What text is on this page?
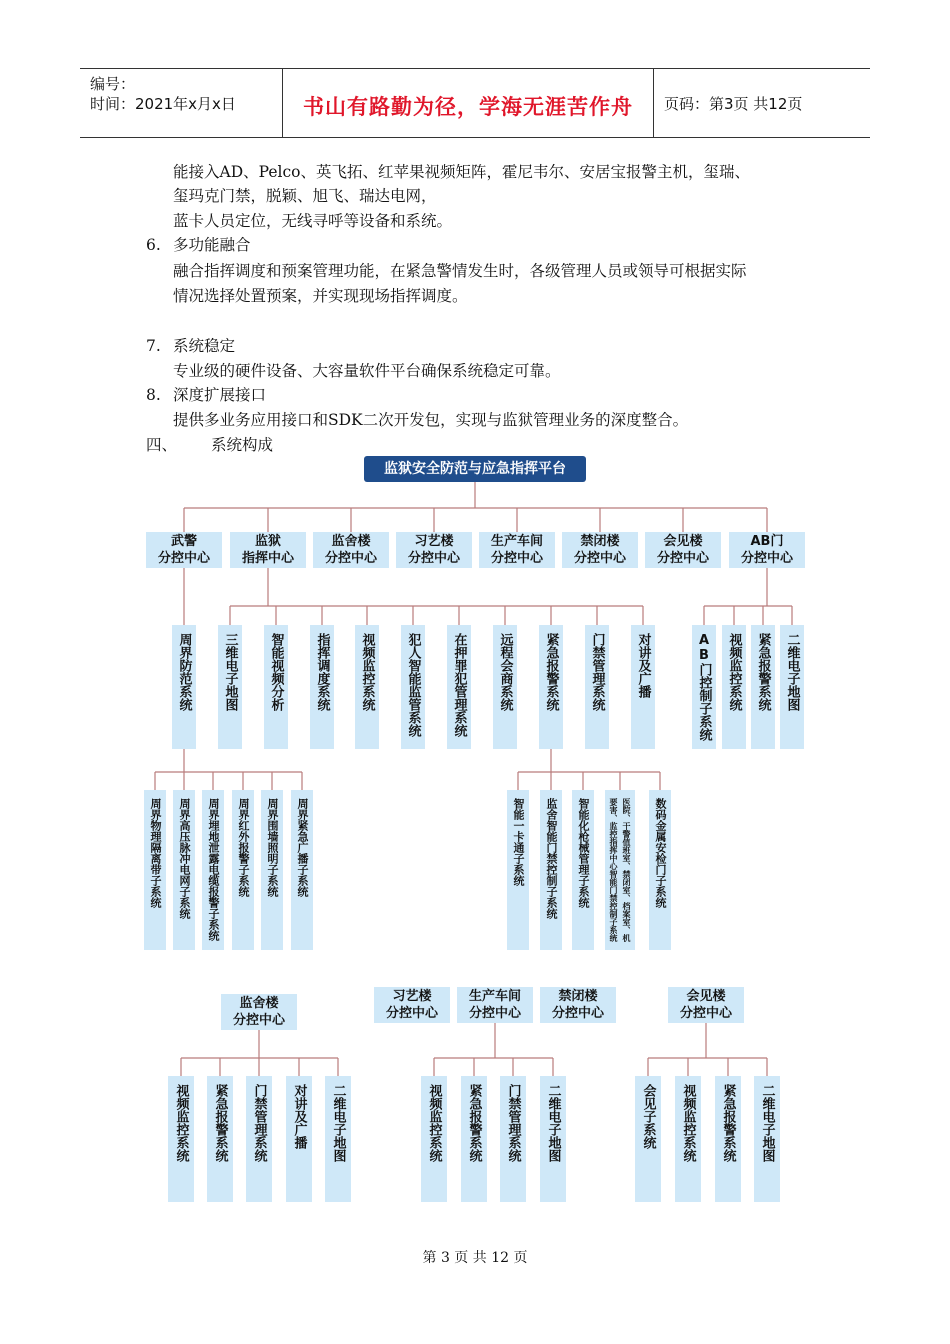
编号：
时间：2021年x月x日	书山有路勤为径，学海无涯苦作舟	页码：第3页 共12页
能接入AD、Pelco、英飞拓、红苹果视频矩阵，霍尼韦尔、安居宝报警主机，玺瑞、
玺玛克门禁，脱颖、旭飞、瑞达电网，
蓝卡人员定位，无线寻呼等设备和系统。
6. 多功能融合
融合指挥调度和预案管理功能，在紧急警情发生时，各级管理人员或领导可根据实际
情况选择处置预案，并实现现场指挥调度。
7. 系统稳定
专业级的硬件设备、大容量软件平台确保系统稳定可靠。
8. 深度扩展接口
提供多业务应用接口和SDK二次开发包，实现与监狱管理业务的深度整合。
四、 系统构成
监狱安全防范与应急指挥平台
武警
分控中心
监狱
指挥中心
监舍楼
分控中心
习艺楼
分控中心
生产车间
分控中心
禁闭楼
分控中心
会见楼
分控中心
AB门
分控中心
周界防范系统
周界物理隔离带子系统 周界高压脉冲电网子系统 周界埋地泄露电缆报警子系统 周界红外报警子系统 周界围墙照明子系统 周界紧急广播子系统
三维电子地图 智能视频分析 指挥调度系统 视频监控系统 犯人智能监管系统 在押罪犯管理系统 远程会商系统 紧急报警系统 门禁管理系统 对讲及广播
智能一卡通子系统 监舍智能门禁控制子系统 智能化枪械管理子系统	数码金属安检门子系统
要害、监控指挥中心智能门禁控制子系统 医院、干警值班室、禁闭室、档案室、机
AB门控制子系统 视频监控系统 紧急报警系统 二维电子地图
监舍楼
分控中心
视频监控系统 紧急报警系统 门禁管理系统 对讲及广播 二维电子地图
习艺楼
分控中心
生产车间
分控中心
禁闭楼
分控中心
视频监控系统 紧急报警系统 门禁管理系统 二维电子地图
会见楼
分控中心
会见子系统 视频监控系统 紧急报警系统 二维电子地图
第 3 页 共 12 页
